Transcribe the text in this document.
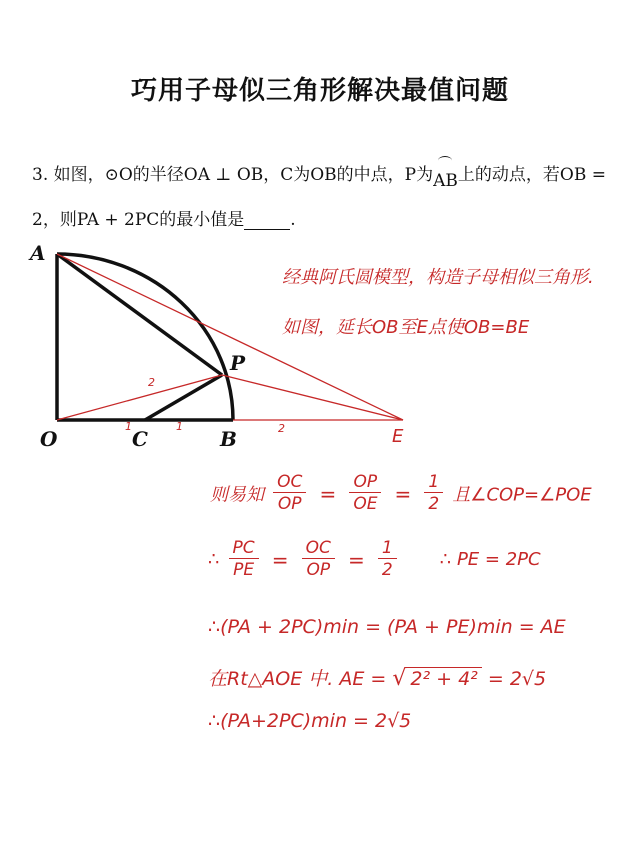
巧用子母似三角形解决最值问题
3. 如图，⊙O的半径OA ⊥ OB，C为OB的中点，P为
AB上的动点，若OB =
2，则PA + 2PC的最小值是	.
A
O	C	B
P
E
2
1
1	2
经典阿氏圆模型，构造子母相似三角形.
如图，延长OB至E点使OB=BE
则易知 $\frac{OC}{OP} = \frac{OP}{OE} = \frac{1}{2}$ 且∠COP=∠POE
∴ $\frac{PC}{PE} = \frac{OC}{OP} = \frac{1}{2}$ ∴ PE = 2PC
∴(PA + 2PC)min = (PA + PE)min = AE
在Rt△AOE 中. AE = √ 2² + 4² = 2√5
∴(PA+2PC)min = 2√5
